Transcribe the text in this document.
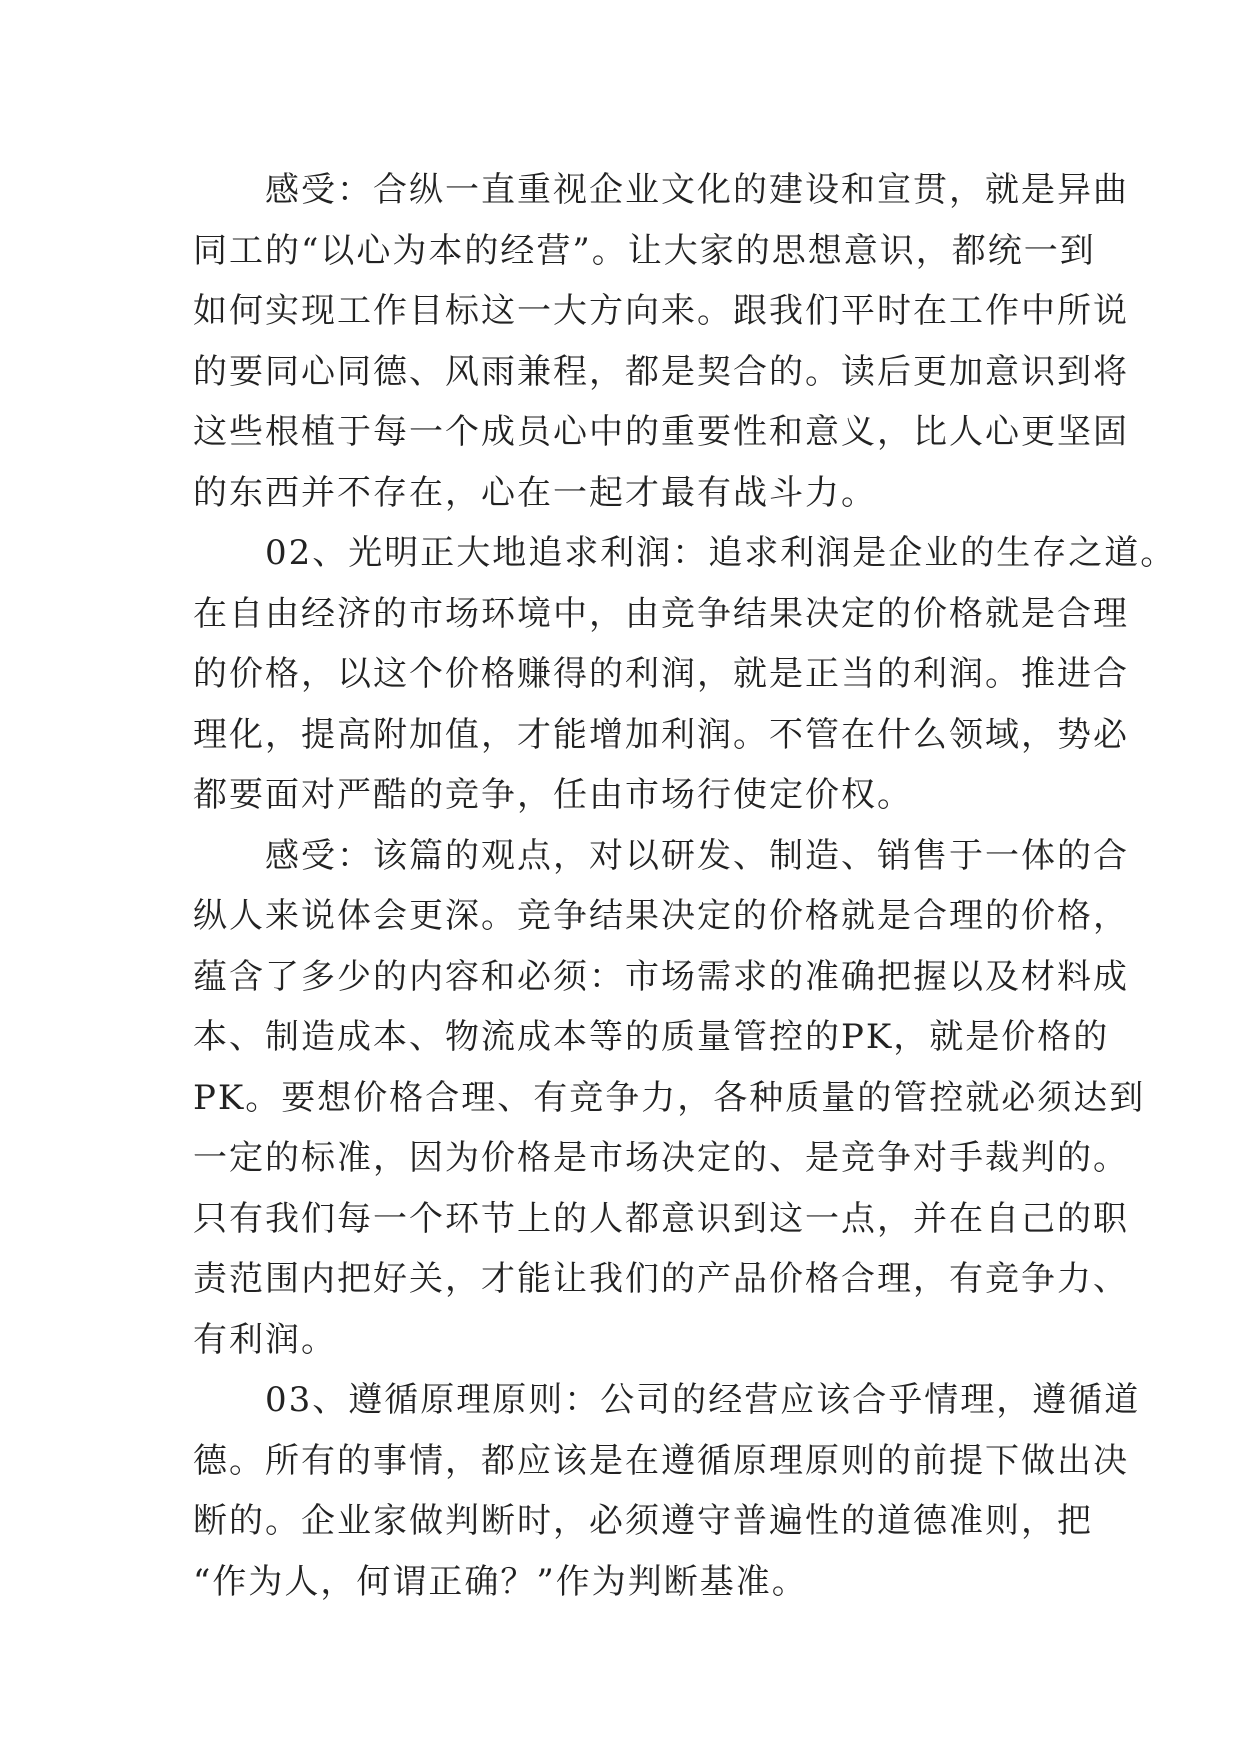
　　感受：合纵一直重视企业文化的建设和宣贯，就是异曲
同工的“以心为本的经营”。让大家的思想意识，都统一到
如何实现工作目标这一大方向来。跟我们平时在工作中所说
的要同心同德、风雨兼程，都是契合的。读后更加意识到将
这些根植于每一个成员心中的重要性和意义，比人心更坚固
的东西并不存在，心在一起才最有战斗力。
　　02、光明正大地追求利润：追求利润是企业的生存之道。
在自由经济的市场环境中，由竞争结果决定的价格就是合理
的价格，以这个价格赚得的利润，就是正当的利润。推进合
理化，提高附加值，才能增加利润。不管在什么领域，势必
都要面对严酷的竞争，任由市场行使定价权。
　　感受：该篇的观点，对以研发、制造、销售于一体的合
纵人来说体会更深。竞争结果决定的价格就是合理的价格，
蕴含了多少的内容和必须：市场需求的准确把握以及材料成
本、制造成本、物流成本等的质量管控的PK，就是价格的
PK。要想价格合理、有竞争力，各种质量的管控就必须达到
一定的标准，因为价格是市场决定的、是竞争对手裁判的。
只有我们每一个环节上的人都意识到这一点，并在自己的职
责范围内把好关，才能让我们的产品价格合理，有竞争力、
有利润。
　　03、遵循原理原则：公司的经营应该合乎情理，遵循道
德。所有的事情，都应该是在遵循原理原则的前提下做出决
断的。企业家做判断时，必须遵守普遍性的道德准则，把
“作为人，何谓正确？”作为判断基准。
